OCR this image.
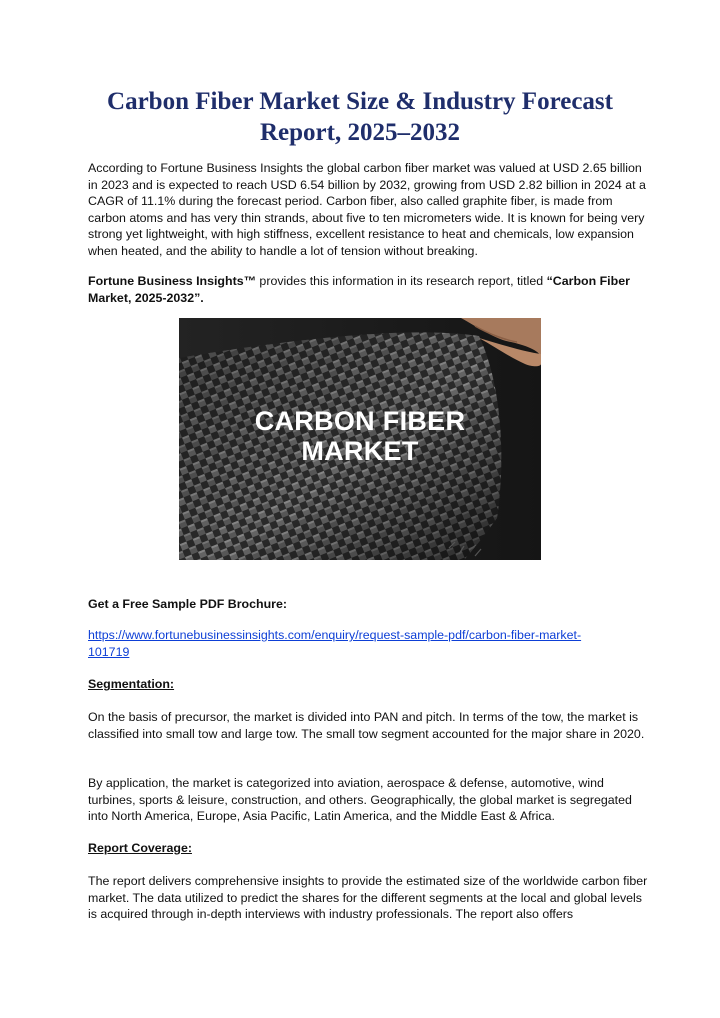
Carbon Fiber Market Size & Industry Forecast
Report, 2025–2032

According to Fortune Business Insights the global carbon fiber market was valued at USD 2.65 billion in 2023 and is expected to reach USD 6.54 billion by 2032, growing from USD 2.82 billion in 2024 at a CAGR of 11.1% during the forecast period. Carbon fiber, also called graphite fiber, is made from carbon atoms and has very thin strands, about five to ten micrometers wide. It is known for being very strong yet lightweight, with high stiffness, excellent resistance to heat and chemicals, low expansion when heated, and the ability to handle a lot of tension without breaking.

Fortune Business Insights™ provides this information in its research report, titled “Carbon Fiber Market, 2025-2032”.

CARBON FIBER
MARKET

Get a Free Sample PDF Brochure:

https://www.fortunebusinessinsights.com/enquiry/request-sample-pdf/carbon-fiber-market-
101719

Segmentation:

On the basis of precursor, the market is divided into PAN and pitch. In terms of the tow, the market is classified into small tow and large tow. The small tow segment accounted for the major share in 2020.

By application, the market is categorized into aviation, aerospace & defense, automotive, wind turbines, sports & leisure, construction, and others. Geographically, the global market is segregated into North America, Europe, Asia Pacific, Latin America, and the Middle East & Africa.

Report Coverage:

The report delivers comprehensive insights to provide the estimated size of the worldwide carbon fiber market. The data utilized to predict the shares for the different segments at the local and global levels is acquired through in-depth interviews with industry professionals. The report also offers
